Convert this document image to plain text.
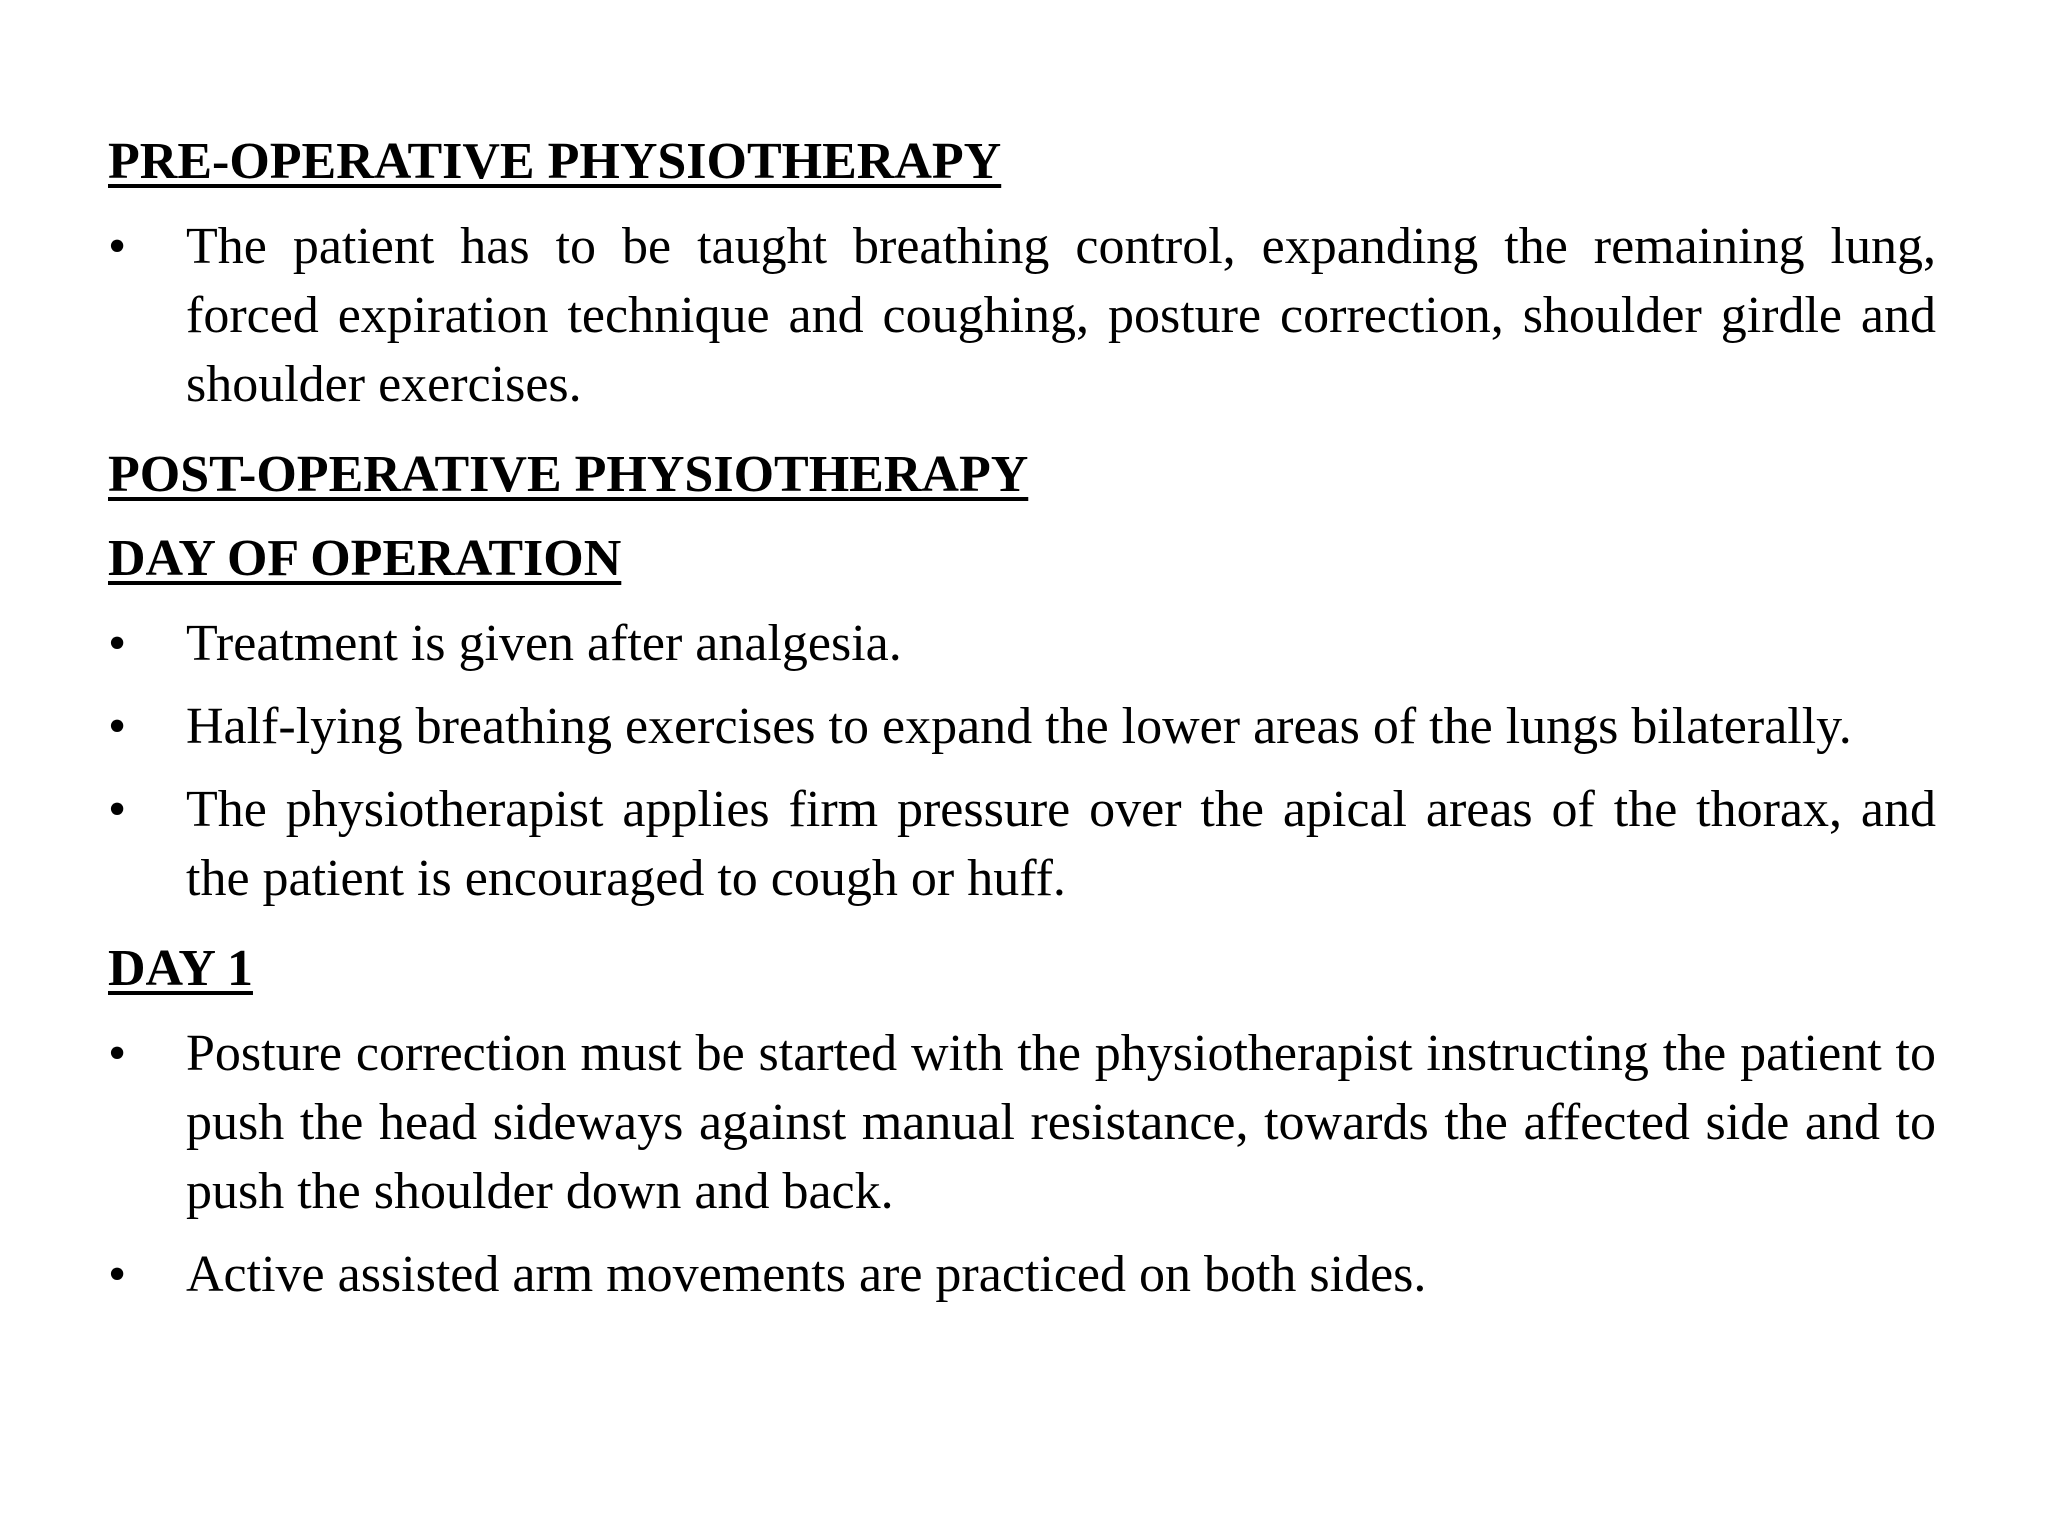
PRE-OPERATIVE PHYSIOTHERAPY
• The patient has to be taught breathing control, expanding the remaining lung, forced expiration technique and coughing, posture correction, shoulder girdle and shoulder exercises.
POST-OPERATIVE PHYSIOTHERAPY
DAY OF OPERATION
• Treatment is given after analgesia.
• Half-lying breathing exercises to expand the lower areas of the lungs bilaterally.
• The physiotherapist applies firm pressure over the apical areas of the thorax, and the patient is encouraged to cough or huff.
DAY 1
• Posture correction must be started with the physiotherapist instructing the patient to push the head sideways against manual resistance, towards the affected side and to push the shoulder down and back.
• Active assisted arm movements are practiced on both sides.
